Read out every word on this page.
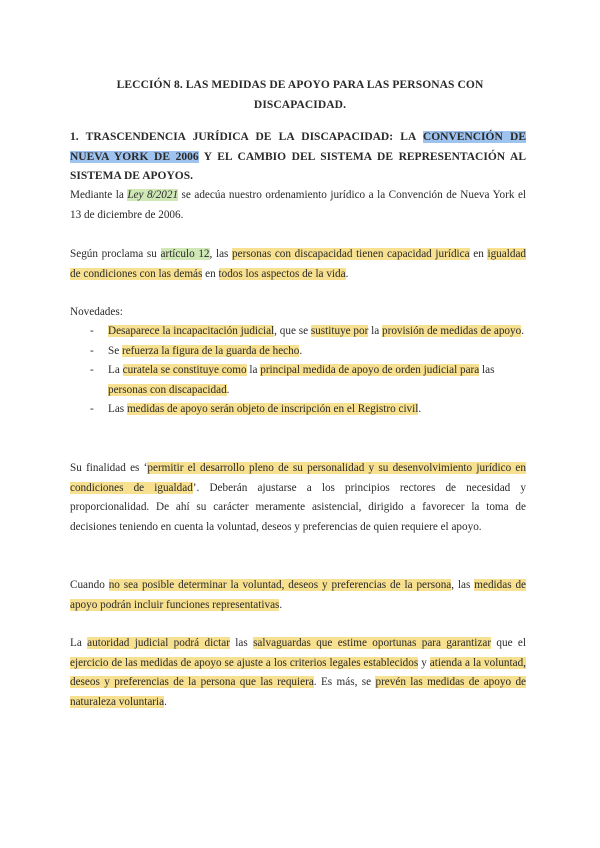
LECCIÓN 8. LAS MEDIDAS DE APOYO PARA LAS PERSONAS CON DISCAPACIDAD.
1. TRASCENDENCIA JURÍDICA DE LA DISCAPACIDAD: LA CONVENCIÓN DE NUEVA YORK DE 2006 Y EL CAMBIO DEL SISTEMA DE REPRESENTACIÓN AL SISTEMA DE APOYOS.
Mediante la Ley 8/2021 se adecúa nuestro ordenamiento jurídico a la Convención de Nueva York el 13 de diciembre de 2006.
Según proclama su artículo 12, las personas con discapacidad tienen capacidad jurídica en igualdad de condiciones con las demás en todos los aspectos de la vida.
Novedades:
- Desaparece la incapacitación judicial, que se sustituye por la provisión de medidas de apoyo.
- Se refuerza la figura de la guarda de hecho.
- La curatela se constituye como la principal medida de apoyo de orden judicial para las personas con discapacidad.
- Las medidas de apoyo serán objeto de inscripción en el Registro civil.
Su finalidad es ‘permitir el desarrollo pleno de su personalidad y su desenvolvimiento jurídico en condiciones de igualdad’. Deberán ajustarse a los principios rectores de necesidad y proporcionalidad. De ahí su carácter meramente asistencial, dirigido a favorecer la toma de decisiones teniendo en cuenta la voluntad, deseos y preferencias de quien requiere el apoyo.
Cuando no sea posible determinar la voluntad, deseos y preferencias de la persona, las medidas de apoyo podrán incluir funciones representativas.
La autoridad judicial podrá dictar las salvaguardas que estime oportunas para garantizar que el ejercicio de las medidas de apoyo se ajuste a los criterios legales establecidos y atienda a la voluntad, deseos y preferencias de la persona que las requiera. Es más, se prevén las medidas de apoyo de naturaleza voluntaria.
